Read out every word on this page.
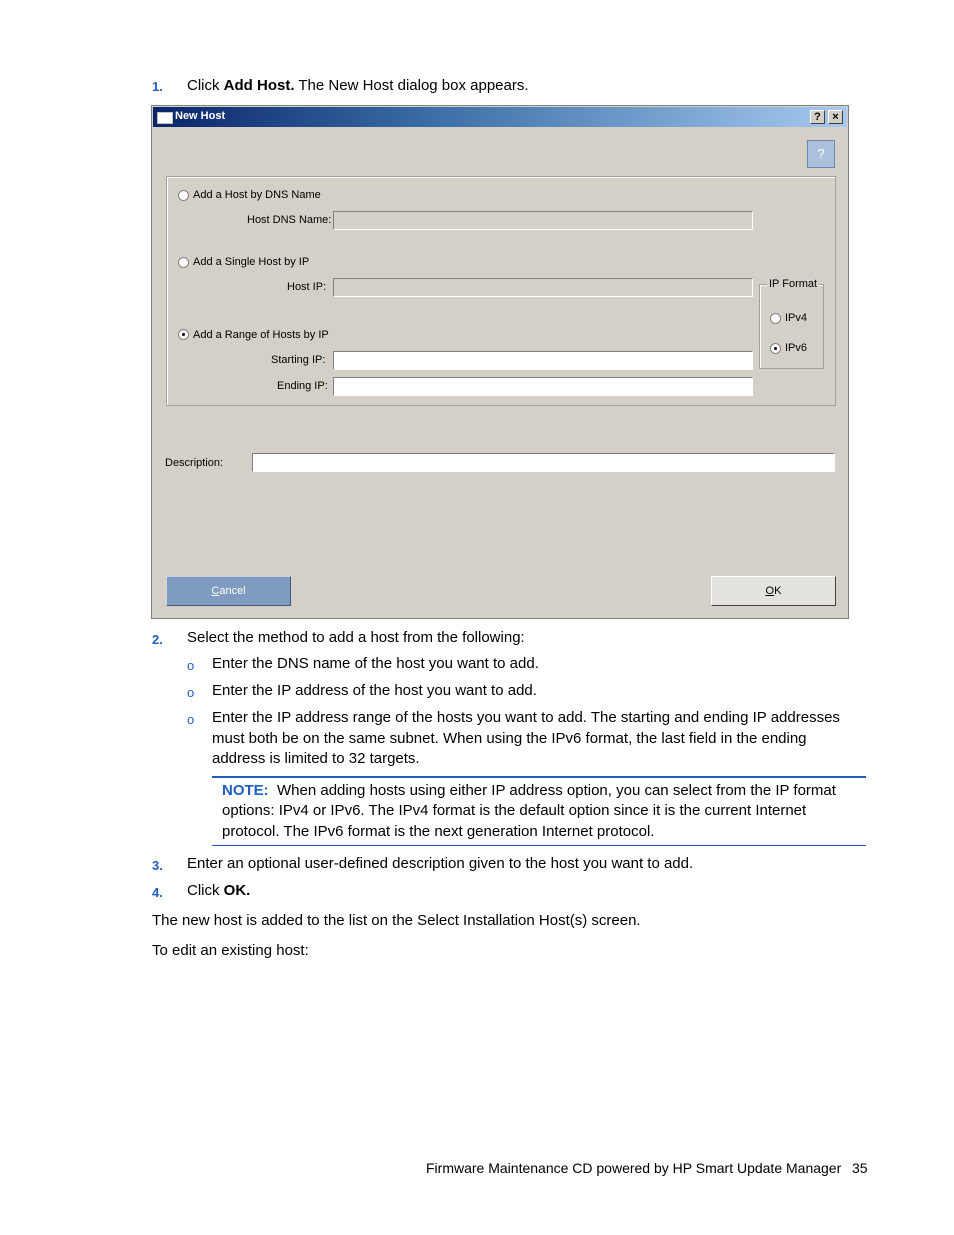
1. Click Add Host. The New Host dialog box appears.
New Host	?	×
?
Add a Host by DNS Name
Host DNS Name:
Add a Single Host by IP
Host IP:
Add a Range of Hosts by IP
Starting IP:
Ending IP:
IP Format
IPv4
IPv6
Description:
Cancel	OK
2. Select the method to add a host from the following:
o Enter the DNS name of the host you want to add.
o Enter the IP address of the host you want to add.
o Enter the IP address range of the hosts you want to add. The starting and ending IP addresses
must both be on the same subnet. When using the IPv6 format, the last field in the ending
address is limited to 32 targets.
NOTE:  When adding hosts using either IP address option, you can select from the IP format
options: IPv4 or IPv6. The IPv4 format is the default option since it is the current Internet
protocol. The IPv6 format is the next generation Internet protocol.
3. Enter an optional user-defined description given to the host you want to add.
4. Click OK.
The new host is added to the list on the Select Installation Host(s) screen.
To edit an existing host:
Firmware Maintenance CD powered by HP Smart Update Manager 35
